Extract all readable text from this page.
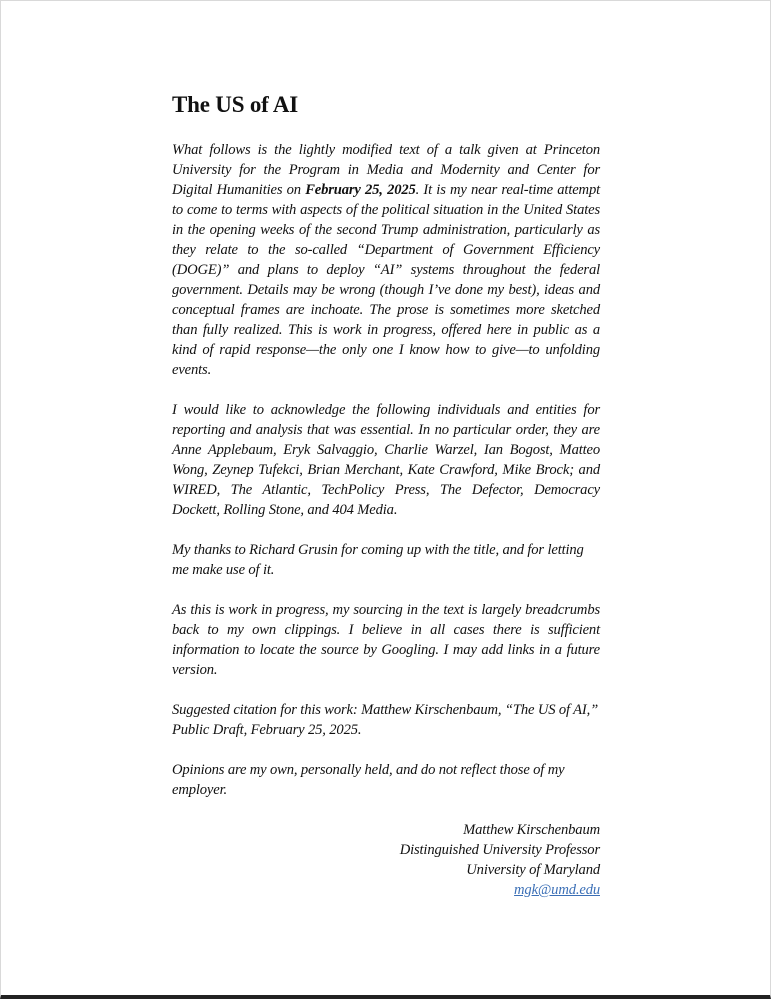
The US of AI

What follows is the lightly modified text of a talk given at Princeton University for the Program in Media and Modernity and Center for Digital Humanities on February 25, 2025. It is my near real-time attempt to come to terms with aspects of the political situation in the United States in the opening weeks of the second Trump administration, particularly as they relate to the so-called “Department of Government Efficiency (DOGE)” and plans to deploy “AI” systems throughout the federal government. Details may be wrong (though I’ve done my best), ideas and conceptual frames are inchoate. The prose is sometimes more sketched than fully realized. This is work in progress, offered here in public as a kind of rapid response—the only one I know how to give—to unfolding events.

I would like to acknowledge the following individuals and entities for reporting and analysis that was essential. In no particular order, they are Anne Applebaum, Eryk Salvaggio, Charlie Warzel, Ian Bogost, Matteo Wong, Zeynep Tufekci, Brian Merchant, Kate Crawford, Mike Brock; and WIRED, The Atlantic, TechPolicy Press, The Defector, Democracy Dockett, Rolling Stone, and 404 Media.

My thanks to Richard Grusin for coming up with the title, and for letting me make use of it.

As this is work in progress, my sourcing in the text is largely breadcrumbs back to my own clippings. I believe in all cases there is sufficient information to locate the source by Googling. I may add links in a future version.

Suggested citation for this work: Matthew Kirschenbaum, “The US of AI,” Public Draft, February 25, 2025.

Opinions are my own, personally held, and do not reflect those of my employer.

Matthew Kirschenbaum
Distinguished University Professor
University of Maryland
mgk@umd.edu
